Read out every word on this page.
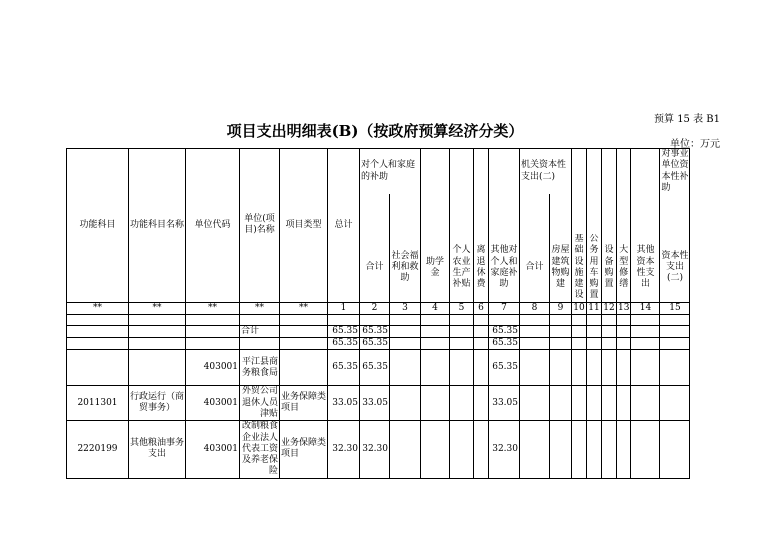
预算 15 表 B1
项目支出明细表(B)（按政府预算经济分类）
单位：万元
功能科目	功能科目名称	单位代码	单位(项目)名称	项目类型	总计	对个人和家庭的补助						机关资本性支出(二)							对事业单位资本性补助

						合计	社会福利和救助	助学金	个人农业生产补贴	离退休费	其他对个人和家庭补助	合计	房屋建筑物购建	基础设施建设	公务用车购置	设备购置	大型修缮	其他资本性支出	资本性支出(二)
**	**	**	**	**	1	2	3	4	5	6	7	8	9	10	11	12	13	14	15

			合计		65.35	65.35					65.35								
					65.35	65.35					65.35								
		403001	平江县商务粮食局		65.35	65.35					65.35								
2011301	行政运行（商贸事务）	403001	外贸公司退休人员津贴	业务保障类项目	33.05	33.05					33.05								
2220199	其他粮油事务支出	403001	改制粮食企业法人代表工资及养老保险	业务保障类项目	32.30	32.30					32.30								
